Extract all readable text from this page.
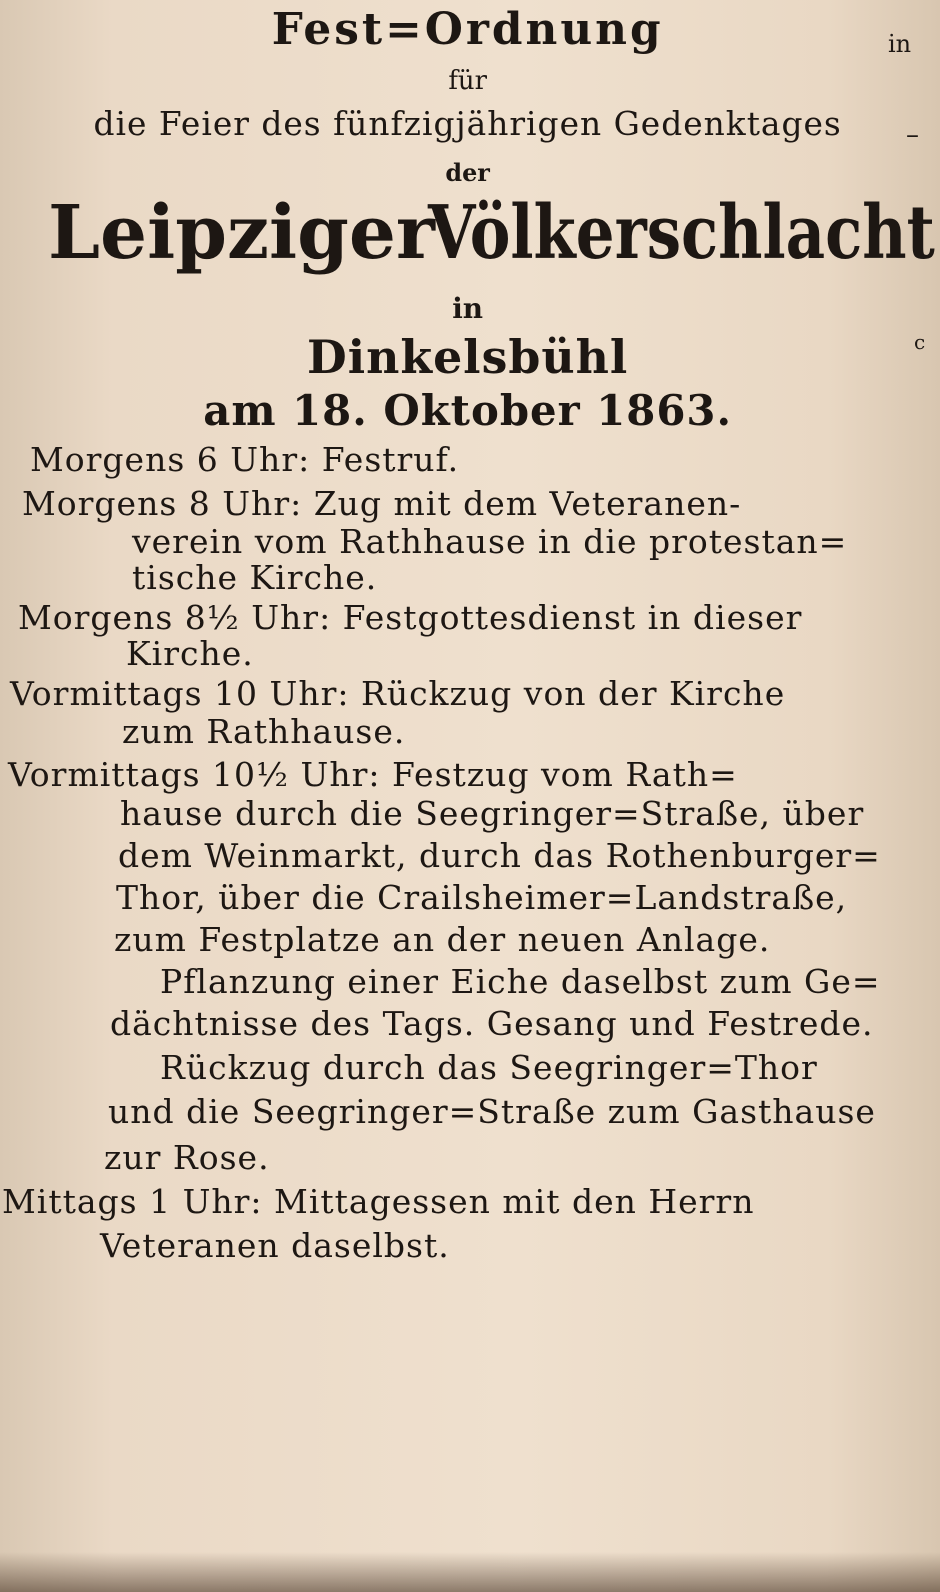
Fest=Ordnung
für
die Feier des fünfzigjährigen Gedenktages
der
Leipziger
Völkerschlacht
in
Dinkelsbühl
am 18. Oktober 1863.
in
–
c
Morgens 6 Uhr: Festruf.
Morgens 8 Uhr: Zug mit dem Veteranen-
verein vom Rathhause in die protestan=
tische Kirche.
Morgens 8½ Uhr: Festgottesdienst in dieser
Kirche.
Vormittags 10 Uhr: Rückzug von der Kirche
zum Rathhause.
Vormittags 10½ Uhr: Festzug vom Rath=
hause durch die Seegringer=Straße, über
dem Weinmarkt, durch das Rothenburger=
Thor, über die Crailsheimer=Landstraße,
zum Festplatze an der neuen Anlage.
Pflanzung einer Eiche daselbst zum Ge=
dächtnisse des Tags. Gesang und Festrede.
Rückzug durch das Seegringer=Thor
und die Seegringer=Straße zum Gasthause
zur Rose.
Mittags 1 Uhr: Mittagessen mit den Herrn
Veteranen daselbst.
